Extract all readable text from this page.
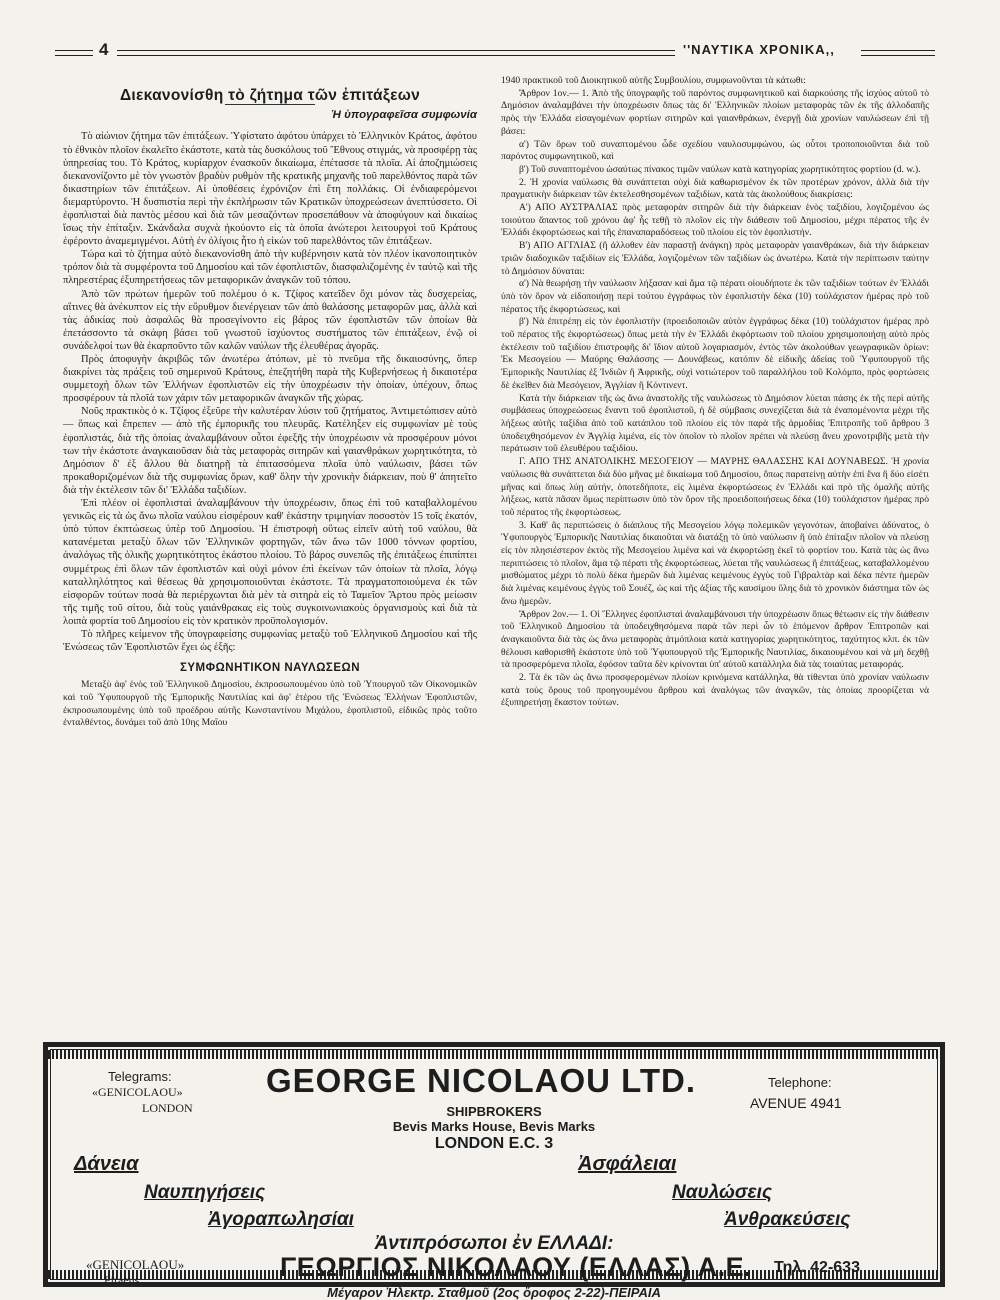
4	''ΝΑΥΤΙΚΑ ΧΡΟΝΙΚΑ,,
Διεκανονίσθη τὸ ζήτημα τῶν ἐπιτάξεων
Ἡ ὑπογραφεῖσα συμφωνία

Τὸ αἰώνιον ζήτημα τῶν ἐπιτάξεων. Ὑφίστατο ἀφότου ὑπάρχει τὸ Ἑλληνικὸν Κράτος, ἀφότου τὸ ἐθνικὸν πλοῖον ἐκαλεῖτο ἑκάστοτε, κατὰ τὰς δυσκόλους τοῦ Ἔθνους στιγμάς, νὰ προσφέρῃ τὰς ὑπηρεσίας του. Τὸ Κράτος, κυρίαρχον ἐνασκοῦν δικαίωμα, ἐπέτασσε τὰ πλοῖα. Αἱ ἀποζημιώσεις διεκανονίζοντο μὲ τὸν γνωστὸν βραδὺν ρυθμὸν τῆς κρατικῆς μηχανῆς τοῦ παρελθόντος παρὰ τῶν δικαστηρίων τῶν ἐπιτάξεων. Αἱ ὑποθέσεις ἐχρόνιζον ἐπὶ ἔτη πολλάκις. Οἱ ἐνδιαφερόμενοι διεμαρτύροντο. Ἡ δυσπιστία περὶ τὴν ἐκπλήρωσιν τῶν Κρατικῶν ὑποχρεώσεων ἀνεπτύσσετο. Οἱ ἐφοπλισταὶ διὰ παντὸς μέσου καὶ διὰ τῶν μεσαζόντων προσεπάθουν νὰ ἀποφύγουν καὶ δικαίως ἴσως τὴν ἐπίταξιν. Σκάνδαλα συχνὰ ἠκούοντο εἰς τὰ ὁποῖα ἀνώτεροι λειτουργοὶ τοῦ Κράτους ἐφέροντο ἀναμεμιγμένοι. Αὐτὴ ἐν ὀλίγοις ἦτο ἡ εἰκὼν τοῦ παρελθόντος τῶν ἐπιτάξεων.

Τώρα καὶ τὸ ζήτημα αὐτὸ διεκανονίσθη ἀπὸ τὴν κυβέρνησιν κατὰ τὸν πλέον ἱκανοποιητικὸν τρόπον διὰ τὰ συμφέροντα τοῦ Δημοσίου καὶ τῶν ἐφοπλιστῶν, διασφαλιζομένης ἐν ταὐτῷ καὶ τῆς πληρεστέρας ἐξυπηρετήσεως τῶν μεταφορικῶν ἀναγκῶν τοῦ τόπου.

Ἀπὸ τῶν πρώτων ἡμερῶν τοῦ πολέμου ὁ κ. Τζίφος κατεῖδεν ὄχι μόνον τὰς δυσχερείας, αἵτινες θὰ ἀνέκυπτον εἰς τὴν εὔρυθμον διενέργειαν τῶν ἀπὸ θαλάσσης μεταφορῶν μας, ἀλλὰ καὶ τὰς ἀδικίας ποὺ ἀσφαλῶς θὰ προσεγίνοντο εἰς βάρος τῶν ἐφοπλιστῶν τῶν ὁποίων θὰ ἐπετάσσοντο τὰ σκάφη βάσει τοῦ γνωστοῦ ἰσχύοντος συστήματος τῶν ἐπιτάξεων, ἐνῷ οἱ συνάδελφοί των θὰ ἐκαρποῦντο τῶν καλῶν ναύλων τῆς ἐλευθέρας ἀγορᾶς.

Πρὸς ἀποφυγὴν ἀκριβῶς τῶν ἀνωτέρω ἀτόπων, μὲ τὸ πνεῦμα τῆς δικαιοσύνης, ὅπερ διακρίνει τὰς πράξεις τοῦ σημερινοῦ Κράτους, ἐπεζητήθη παρὰ τῆς Κυβερνήσεως ἡ δικαιοτέρα συμμετοχὴ ὅλων τῶν Ἑλλήνων ἐφοπλιστῶν εἰς τὴν ὑποχρέωσιν τὴν ὁποίαν, ὑπέχουν, ὅπως προσφέρουν τὰ πλοῖά των χάριν τῶν μεταφορικῶν ἀναγκῶν τῆς χώρας.

Νοῦς πρακτικὸς ὁ κ. Τζίφος ἐξεῦρε τὴν καλυτέραν λύσιν τοῦ ζητήματος. Ἀντιμετώπισεν αὐτὸ — ὅπως καὶ ἔπρεπεν — ἀπὸ τῆς ἐμπορικῆς του πλευρᾶς. Κατέληξεν εἰς συμφωνίαν μὲ τοὺς ἐφοπλιστάς, διὰ τῆς ὁποίας ἀναλαμβάνουν οὗτοι ἐφεξῆς τὴν ὑποχρέωσιν νὰ προσφέρουν μόνοι των τὴν ἑκάστοτε ἀναγκαιοῦσαν διὰ τὰς μεταφορὰς σιτηρῶν καὶ γαιανθράκων χωρητικότητα, τὸ Δημόσιον δ' ἐξ ἄλλου θὰ διατηρῇ τὰ ἐπιτασσόμενα πλοῖα ὑπὸ ναύλωσιν, βάσει τῶν προκαθοριζομένων διὰ τῆς συμφωνίας ὅρων, καθ' ὅλην τὴν χρονικὴν διάρκειαν, ποὺ θ' ἀπητεῖτο διὰ τὴν ἐκτέλεσιν τῶν δι' Ἑλλάδα ταξιδίων.

Ἐπὶ πλέον οἱ ἐφοπλισταὶ ἀναλαμβάνουν τὴν ὑποχρέωσιν, ὅπως ἐπὶ τοῦ καταβαλλομένου γενικῶς εἰς τὰ ὡς ἄνω πλοῖα ναύλου εἰσφέρουν καθ' ἑκάστην τριμηνίαν ποσοστὸν 15 τοῖς ἑκατόν, ὑπὸ τύπον ἐκπτώσεως ὑπὲρ τοῦ Δημοσίου. Ἡ ἐπιστροφὴ οὕτως εἰπεῖν αὐτὴ τοῦ ναύλου, θὰ κατανέμεται μεταξὺ ὅλων τῶν Ἑλληνικῶν φορτηγῶν, τῶν ἄνω τῶν 1000 τόννων φορτίου, ἀναλόγως τῆς ὁλικῆς χωρητικότητος ἑκάστου πλοίου. Τὸ βάρος συνεπῶς τῆς ἐπιτάξεως ἐπιπίπτει συμμέτρως ἐπὶ ὅλων τῶν ἐφοπλιστῶν καὶ οὐχὶ μόνον ἐπὶ ἐκείνων τῶν ὁποίων τὰ πλοῖα, λόγῳ καταλληλότητος καὶ θέσεως θὰ χρησιμοποιοῦνται ἑκάστοτε. Τὰ πραγματοποιούμενα ἐκ τῶν εἰσφορῶν τούτων ποσὰ θὰ περιέρχωνται διὰ μὲν τὰ σιτηρὰ εἰς τὸ Ταμεῖον Ἄρτου πρὸς μείωσιν τῆς τιμῆς τοῦ σίτου, διὰ τοὺς γαιάνθρακας εἰς τοὺς συγκοινωνιακοὺς ὀργανισμοὺς καὶ διὰ τὰ λοιπὰ φορτία τοῦ Δημοσίου εἰς τὸν κρατικὸν προϋπολογισμόν.

Τὸ πλῆρες κείμενον τῆς ὑπογραφείσης συμφωνίας μεταξὺ τοῦ Ἑλληνικοῦ Δημοσίου καὶ τῆς Ἑνώσεως τῶν Ἐφοπλιστῶν ἔχει ὡς ἑξῆς:

ΣΥΜΦΩΝΗΤΙΚΟΝ ΝΑΥΛΩΣΕΩΝ

Μεταξὺ ἀφ' ἑνὸς τοῦ Ἑλληνικοῦ Δημοσίου, ἐκπροσωπουμένου ὑπὸ τοῦ Ὑπουργοῦ τῶν Οἰκονομικῶν καὶ τοῦ Ὑφυπουργοῦ τῆς Ἐμπορικῆς Ναυτιλίας καὶ ἀφ' ἑτέρου τῆς Ἑνώσεως Ἑλλήνων Ἐφοπλιστῶν, ἐκπροσωπουμένης ὑπὸ τοῦ προέδρου αὐτῆς Κωνσταντίνου Μιχάλου, ἐφοπλιστοῦ, εἰδικῶς πρὸς τοῦτο ἐνταλθέντος, δυνάμει τοῦ ἀπὸ 10ης Μαΐου

1940 πρακτικοῦ τοῦ Διοικητικοῦ αὐτῆς Συμβουλίου, συμφωνοῦνται τὰ κάτωθι:

Ἄρθρον 1ον.— 1. Ἀπὸ τῆς ὑπογραφῆς τοῦ παρόντος συμφωνητικοῦ καὶ διαρκούσης τῆς ἰσχύος αὐτοῦ τὸ Δημόσιον ἀναλαμβάνει τὴν ὑποχρέωσιν ὅπως τὰς δι' Ἑλληνικῶν πλοίων μεταφορὰς τῶν ἐκ τῆς ἀλλοδαπῆς πρὸς τὴν Ἑλλάδα εἰσαγομένων φορτίων σιτηρῶν καὶ γαιανθράκων, ἐνεργῇ διὰ χρονίων ναυλώσεων ἐπὶ τῇ βάσει:

α') Τῶν ὅρων τοῦ συναπτομένου ὧδε σχεδίου ναυλοσυμφώνου, ὡς οὗτοι τροποποιοῦνται διὰ τοῦ παρόντος συμφωνητικοῦ, καὶ

β') Τοῦ συναπτομένου ὡσαύτως πίνακος τιμῶν ναύλων κατὰ κατηγορίας χωρητικότητος φορτίου (d. w.).

2. Ἡ χρονία ναύλωσις θὰ συνάπτεται οὐχὶ διὰ καθωρισμένον ἐκ τῶν προτέρων χρόνον, ἀλλὰ διὰ τὴν πραγματικὴν διάρκειαν τῶν ἐκτελεσθησομένων ταξιδίων, κατὰ τὰς ἀκολούθους διακρίσεις:

Α') ΑΠΟ ΑΥΣΤΡΑΛΙΑΣ πρὸς μεταφορὰν σιτηρῶν διὰ τὴν διάρκειαν ἑνὸς ταξιδίου, λογιζομένου ὡς τοιούτου ἅπαντος τοῦ χρόνου ἀφ' ἧς τεθῇ τὸ πλοῖον εἰς τὴν διάθεσιν τοῦ Δημοσίου, μέχρι πέρατος τῆς ἐν Ἑλλάδι ἐκφορτώσεως καὶ τῆς ἐπαναπαραδόσεως τοῦ πλοίου εἰς τὸν ἐφοπλιστήν.

Β') ΑΠΟ ΑΓΓΛΙΑΣ (ἢ ἀλλοθεν ἐὰν παραστῇ ἀνάγκη) πρὸς μεταφορὰν γαιανθράκων, διὰ τὴν διάρκειαν τριῶν διαδοχικῶν ταξιδίων εἰς Ἑλλάδα, λογιζομένων τῶν ταξιδίων ὡς ἀνωτέρω. Κατὰ τὴν περίπτωσιν ταύτην τὸ Δημόσιον δύναται:

α') Νὰ θεωρήσῃ τὴν ναύλωσιν λήξασαν καὶ ἅμα τῷ πέρατι οἱουδήποτε ἐκ τῶν ταξιδίων τούτων ἐν Ἑλλάδι ὑπὸ τὸν ὅρον νὰ εἰδοποιήσῃ περὶ τούτου ἐγγράφως τὸν ἐφοπλιστὴν δέκα (10) τοὐλάχιστον ἡμέρας πρὸ τοῦ πέρατος τῆς ἐκφορτώσεως, καὶ

β') Νὰ ἐπιτρέπῃ εἰς τὸν ἐφοπλιστὴν (προειδοποιῶν αὐτὸν ἐγγράφως δέκα (10) τοὐλάχιστον ἡμέρας πρὸ τοῦ πέρατος τῆς ἐκφορτώσεως) ὅπως μετὰ τὴν ἐν Ἑλλάδι ἐκφόρτωσιν τοῦ πλοίου χρησιμοποιήσῃ αὐτὸ πρὸς ἐκτέλεσιν τοῦ ταξιδίου ἐπιστροφῆς δι' ἴδιον αὐτοῦ λογαριασμόν, ἐντὸς τῶν ἀκολούθων γεωγραφικῶν ὁρίων: Ἐκ Μεσογείου — Μαύρης Θαλάσσης — Δουνάβεως, κατόπιν δὲ εἰδικῆς ἀδείας τοῦ Ὑφυπουργοῦ τῆς Ἐμπορικῆς Ναυτιλίας ἐξ Ἰνδιῶν ἢ Ἀφρικῆς, οὐχὶ νοτιώτερον τοῦ παραλλήλου τοῦ Κολόμπο, πρὸς φορτώσεις δὲ ἐκεῖθεν διὰ Μεσόγειον, Ἀγγλίαν ἢ Κόντινεντ.

Κατὰ τὴν διάρκειαν τῆς ὡς ἄνω ἀναστολῆς τῆς ναυλώσεως τὸ Δημόσιον λύεται πάσης ἐκ τῆς περὶ αὐτῆς συμβάσεως ὑποχρεώσεως ἔναντι τοῦ ἐφοπλιστοῦ, ἡ δὲ σύμβασις συνεχίζεται διὰ τὰ ἐναπομένοντα μέχρι τῆς λήξεως αὐτῆς ταξίδια ἀπὸ τοῦ κατάπλου τοῦ πλοίου εἰς τὸν παρὰ τῆς ἁρμοδίας Ἐπιτροπῆς τοῦ ἄρθρου 3 ὑποδειχθησόμενον ἐν Ἀγγλίᾳ λιμένα, εἰς τὸν ὁποῖον τὸ πλοῖον πρέπει νὰ πλεύσῃ ἄνευ χρονοτριβῆς μετὰ τὴν περάτωσιν τοῦ ἐλευθέρου ταξιδίου.

Γ. ΑΠΟ ΤΗΣ ΑΝΑΤΟΛΙΚΗΣ ΜΕΣΟΓΕΙΟΥ — ΜΑΥΡΗΣ ΘΑΛΑΣΣΗΣ ΚΑΙ ΔΟΥΝΑΒΕΩΣ. Ἡ χρονία ναύλωσις θὰ συνάπτεται διὰ δύο μῆνας μὲ δικαίωμα τοῦ Δημοσίου, ὅπως παρατείνῃ αὐτὴν ἐπὶ ἕνα ἢ δύο εἰσέτι μῆνας καὶ ὅπως λύῃ αὐτήν, ὁποτεδήποτε, εἰς λιμένα ἐκφορτώσεως ἐν Ἑλλάδι καὶ πρὸ τῆς ὁμαλῆς αὐτῆς λήξεως, κατὰ πᾶσαν ὅμως περίπτωσιν ὑπὸ τὸν ὅρον τῆς προειδοποιήσεως δέκα (10) τοὐλάχιστον ἡμέρας πρὸ τοῦ πέρατος τῆς ἐκφορτώσεως.

3. Καθ' ἃς περιπτώσεις ὁ διάπλους τῆς Μεσογείου λόγῳ πολεμικῶν γεγονότων, ἀποβαίνει ἀδύνατος, ὁ Ὑφυπουργὸς Ἐμπορικῆς Ναυτιλίας δικαιοῦται νὰ διατάξῃ τὸ ὑπὸ ναύλωσιν ἢ ὑπὸ ἐπίταξιν πλοῖον νὰ πλεύσῃ εἰς τὸν πλησιέστερον ἐκτὸς τῆς Μεσογείου λιμένα καὶ νὰ ἐκφορτώσῃ ἐκεῖ τὸ φορτίον του. Κατὰ τὰς ὡς ἄνω περιπτώσεις τὸ πλοῖον, ἅμα τῷ πέρατι τῆς ἐκφορτώσεως, λύεται τῆς ναυλώσεως ἢ ἐπιτάξεως, καταβαλλομένου μισθώματος μέχρι τὸ πολὺ δέκα ἡμερῶν διὰ λιμένας κειμένους ἐγγὺς τοῦ Γιβραλτὰρ καὶ δέκα πέντε ἡμερῶν διὰ λιμένας κειμένους ἐγγὺς τοῦ Σουέζ, ὡς καὶ τῆς ἀξίας τῆς καυσίμου ὕλης διὰ τὸ χρονικὸν διάστημα τῶν ὡς ἄνω ἡμερῶν.

Ἄρθρον 2ον.— 1. Οἱ Ἕλληνες ἐφοπλισταὶ ἀναλαμβάνουσι τὴν ὑποχρέωσιν ὅπως θέτωσιν εἰς τὴν διάθεσιν τοῦ Ἑλληνικοῦ Δημοσίου τὰ ὑποδειχθησόμενα παρὰ τῶν περὶ ὧν τὸ ἑπόμενον ἄρθρον Ἐπιτροπῶν καὶ ἀναγκαιοῦντα διὰ τὰς ὡς ἄνω μεταφορὰς ἀτμόπλοια κατὰ κατηγορίας χωρητικότητος, ταχύτητος κλπ. ἐκ τῶν θέλουσι καθορισθῆ ἑκάστοτε ὑπὸ τοῦ Ὑφυπουργοῦ τῆς Ἐμπορικῆς Ναυτιλίας, δικαιουμένου καὶ νὰ μὴ δεχθῇ τὰ προσφερόμενα πλοῖα, ἐφόσον ταῦτα δὲν κρίνονται ὑπ' αὐτοῦ κατάλληλα διὰ τὰς τοιαύτας μεταφοράς.

2. Τὰ ἐκ τῶν ὡς ἄνω προσφερομένων πλοίων κρινόμενα κατάλληλα, θὰ τίθενται ὑπὸ χρονίαν ναύλωσιν κατὰ τοὺς ὅρους τοῦ προηγουμένου ἄρθρου καὶ ἀναλόγως τῶν ἀναγκῶν, τὰς ὁποίας προορίζεται νὰ ἐξυπηρετήσῃ ἕκαστον τούτων.

Telegrams:
«GENICOLAOU»
LONDON
GEORGE NICOLAOU LTD.
SHIPBROKERS
Bevis Marks House, Bevis Marks
LONDON E.C. 3
Telephone:
AVENUE 4941
Δάνεια	Ἀσφάλειαι
Ναυπηγήσεις	Ναυλώσεις
Ἀγοραπωλησίαι	Ἀνθρακεύσεις
Ἀντιπρόσωποι ἐν ΕΛΛΑΔΙ:
«GENICOLAOU»
Piraeus	ΓΕΩΡΓΙΟΣ ΝΙΚΟΛΑΟΥ (ΕΛΛΑΣ) Α.Ε. Τηλ. 42-633
Μέγαρον Ἠλεκτρ. Σταθμοῦ (2ος ὄροφος 2-22)-ΠΕΙΡΑΙΑ
